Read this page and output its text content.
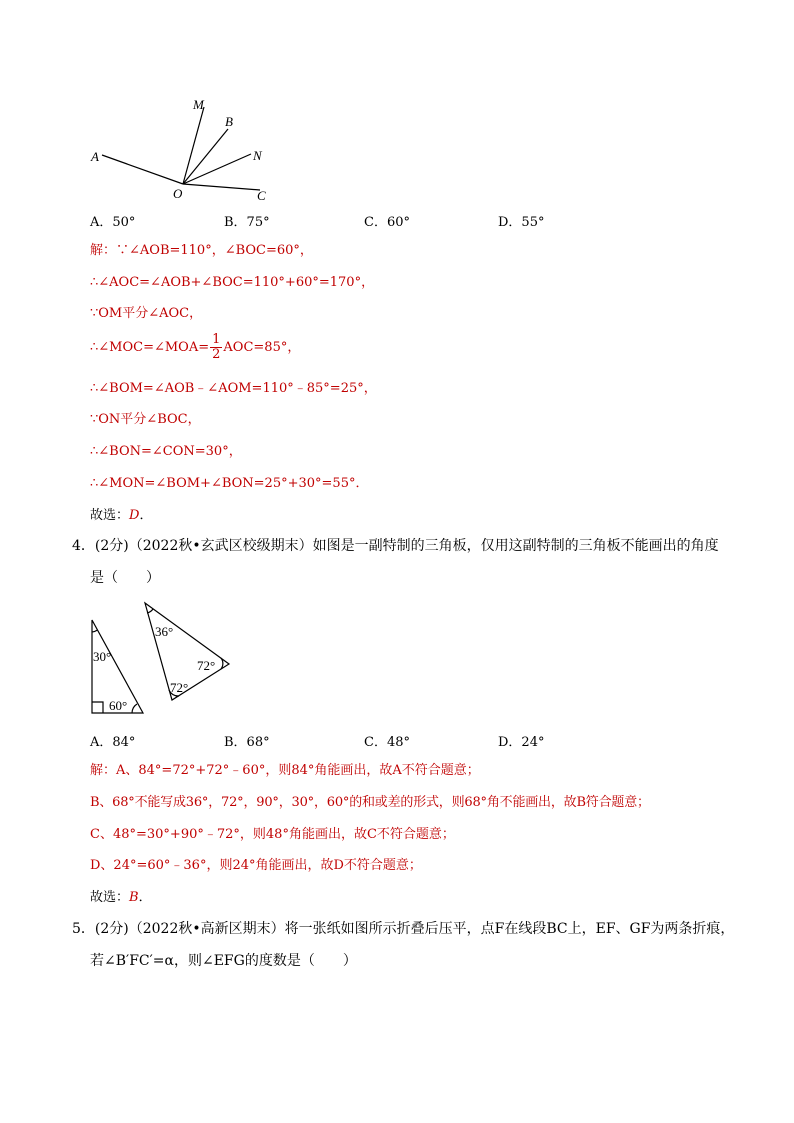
M
B
N
A
O	C
A．50°	B．75°	C．60°	D．55°
解：∵∠AOB=110°，∠BOC=60°，
∴∠AOC=∠AOB+∠BOC=110°+60°=170°，
∵OM平分∠AOC，
∴∠MOC=∠MOA= $\frac{1}{2} AOC=85^\circ$，
∴∠BOM=∠AOB﹣∠AOM=110°﹣85°=25°，
∵ON平分∠BOC，
∴∠BON=∠CON=30°，
∴∠MON=∠BOM+∠BON=25°+30°=55°．
故选：D．
4．(2分)（2022秋•玄武区校级期末）如图是一副特制的三角板，仅用这副特制的三角板不能画出的角度
是（　　）
30°
60°
36°
72°
72°
A．84°	B．68°	C．48°	D．24°
解：A、84°=72°+72°﹣60°，则84°角能画出，故A不符合题意；
B、68°不能写成36°，72°，90°，30°，60°的和或差的形式，则68°角不能画出，故B符合题意；
C、48°=30°+90°﹣72°，则48°角能画出，故C不符合题意；
D、24°=60°﹣36°，则24°角能画出，故D不符合题意；
故选：B．
5．(2分)（2022秋•高新区期末）将一张纸如图所示折叠后压平，点F在线段BC上，EF、GF为两条折痕，
若∠B′FC′=α，则∠EFG的度数是（　　）
